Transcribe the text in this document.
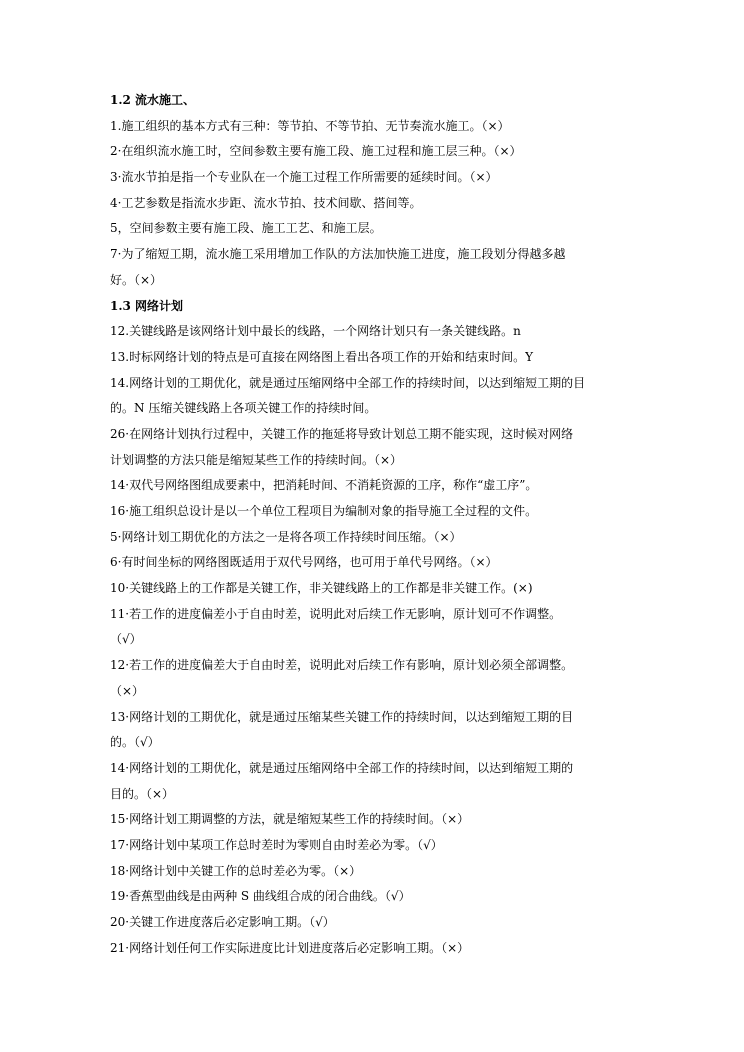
1.2 流水施工、
1.施工组织的基本方式有三种：等节拍、不等节拍、无节奏流水施工。（×）
2·在组织流水施工时，空间参数主要有施工段、施工过程和施工层三种。（×）
3·流水节拍是指一个专业队在一个施工过程工作所需要的延续时间。（×）
4·工艺参数是指流水步距、流水节拍、技术间歇、搭间等。
5，空间参数主要有施工段、施工工艺、和施工层。
7·为了缩短工期，流水施工采用增加工作队的方法加快施工进度，施工段划分得越多越
好。（×）
1.3 网络计划
12.关键线路是该网络计划中最长的线路，一个网络计划只有一条关键线路。n
13.时标网络计划的特点是可直接在网络图上看出各项工作的开始和结束时间。Y
14.网络计划的工期优化，就是通过压缩网络中全部工作的持续时间，以达到缩短工期的目
的。N 压缩关键线路上各项关键工作的持续时间。
26·在网络计划执行过程中，关键工作的拖延将导致计划总工期不能实现，这时候对网络
计划调整的方法只能是缩短某些工作的持续时间。（×）
14·双代号网络图组成要素中，把消耗时间、不消耗资源的工序，称作“虚工序”。
16·施工组织总设计是以一个单位工程项目为编制对象的指导施工全过程的文件。
5·网络计划工期优化的方法之一是将各项工作持续时间压缩。（×）
6·有时间坐标的网络图既适用于双代号网络，也可用于单代号网络。（×）
10·关键线路上的工作都是关键工作，非关键线路上的工作都是非关键工作。(×)
11·若工作的进度偏差小于自由时差，说明此对后续工作无影响，原计划可不作调整。
（√）
12·若工作的进度偏差大于自由时差，说明此对后续工作有影响，原计划必须全部调整。
（×）
13·网络计划的工期优化，就是通过压缩某些关键工作的持续时间，以达到缩短工期的目
的。（√）
14·网络计划的工期优化，就是通过压缩网络中全部工作的持续时间，以达到缩短工期的
目的。（×）
15·网络计划工期调整的方法，就是缩短某些工作的持续时间。（×）
17·网络计划中某项工作总时差时为零则自由时差必为零。（√）
18·网络计划中关键工作的总时差必为零。（×）
19·香蕉型曲线是由两种 S 曲线组合成的闭合曲线。（√）
20·关键工作进度落后必定影响工期。（√）
21·网络计划任何工作实际进度比计划进度落后必定影响工期。（×）
